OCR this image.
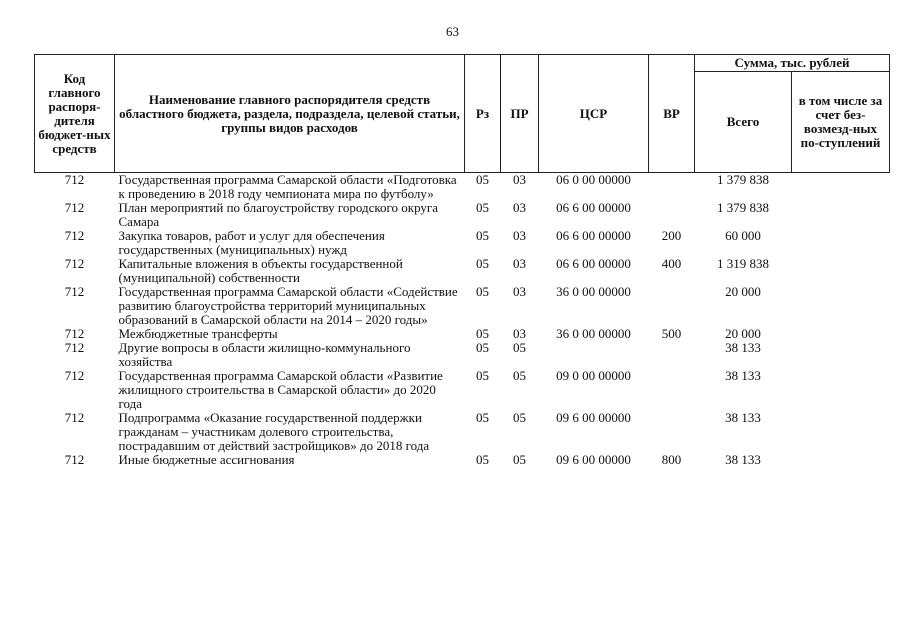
63
Код главного распоря-дителя бюджет-ных средств	Наименование главного распорядителя средств областного бюджета, раздела, подраздела, целевой статьи, группы видов расходов	Рз	ПР	ЦСР	ВР	Сумма, тыс. рублей	
						Всего	в том числе за счет без-возмезд-ных по-ступлений
712	Государственная программа Самарской области «Подготовка к проведению в 2018 году чемпионата мира по футболу»	05	03	06 0 00 00000		1 379 838	
712	План мероприятий по благоустройству городского округа Самара	05	03	06 6 00 00000		1 379 838	
712	Закупка товаров, работ и услуг для обеспечения государственных (муниципальных) нужд	05	03	06 6 00 00000	200	60 000	
712	Капитальные вложения в объекты государственной (муниципальной) собственности	05	03	06 6 00 00000	400	1 319 838	
712	Государственная программа Самарской области «Содействие развитию благоустройства территорий муниципальных образований в Самарской области на 2014 – 2020 годы»	05	03	36 0 00 00000		20 000	
712	Межбюджетные трансферты	05	03	36 0 00 00000	500	20 000	
712	Другие вопросы в области жилищно-коммунального хозяйства	05	05			38 133	
712	Государственная программа Самарской области «Развитие жилищного строительства в Самарской области» до 2020 года	05	05	09 0 00 00000		38 133	
712	Подпрограмма «Оказание государственной поддержки гражданам – участникам долевого строительства, пострадавшим от действий застройщиков» до 2018 года	05	05	09 6 00 00000		38 133	
712	Иные бюджетные ассигнования	05	05	09 6 00 00000	800	38 133	
